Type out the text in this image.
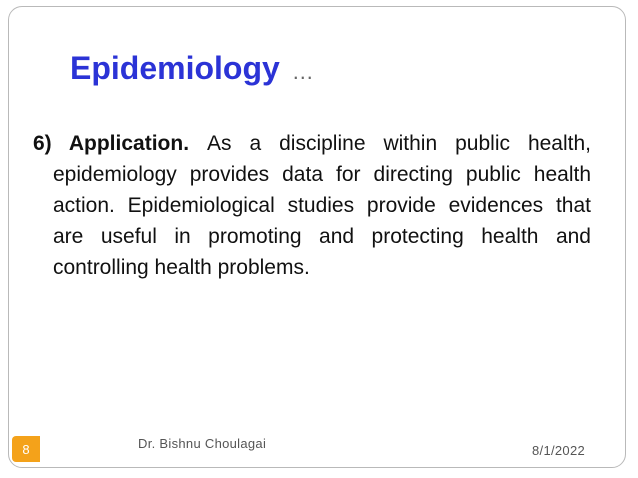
Epidemiology …
6) Application. As a discipline within public health, epidemiology provides data for directing public health action. Epidemiological studies provide evidences that are useful in promoting and protecting health and controlling health problems.
8	Dr. Bishnu Choulagai	8/1/2022
